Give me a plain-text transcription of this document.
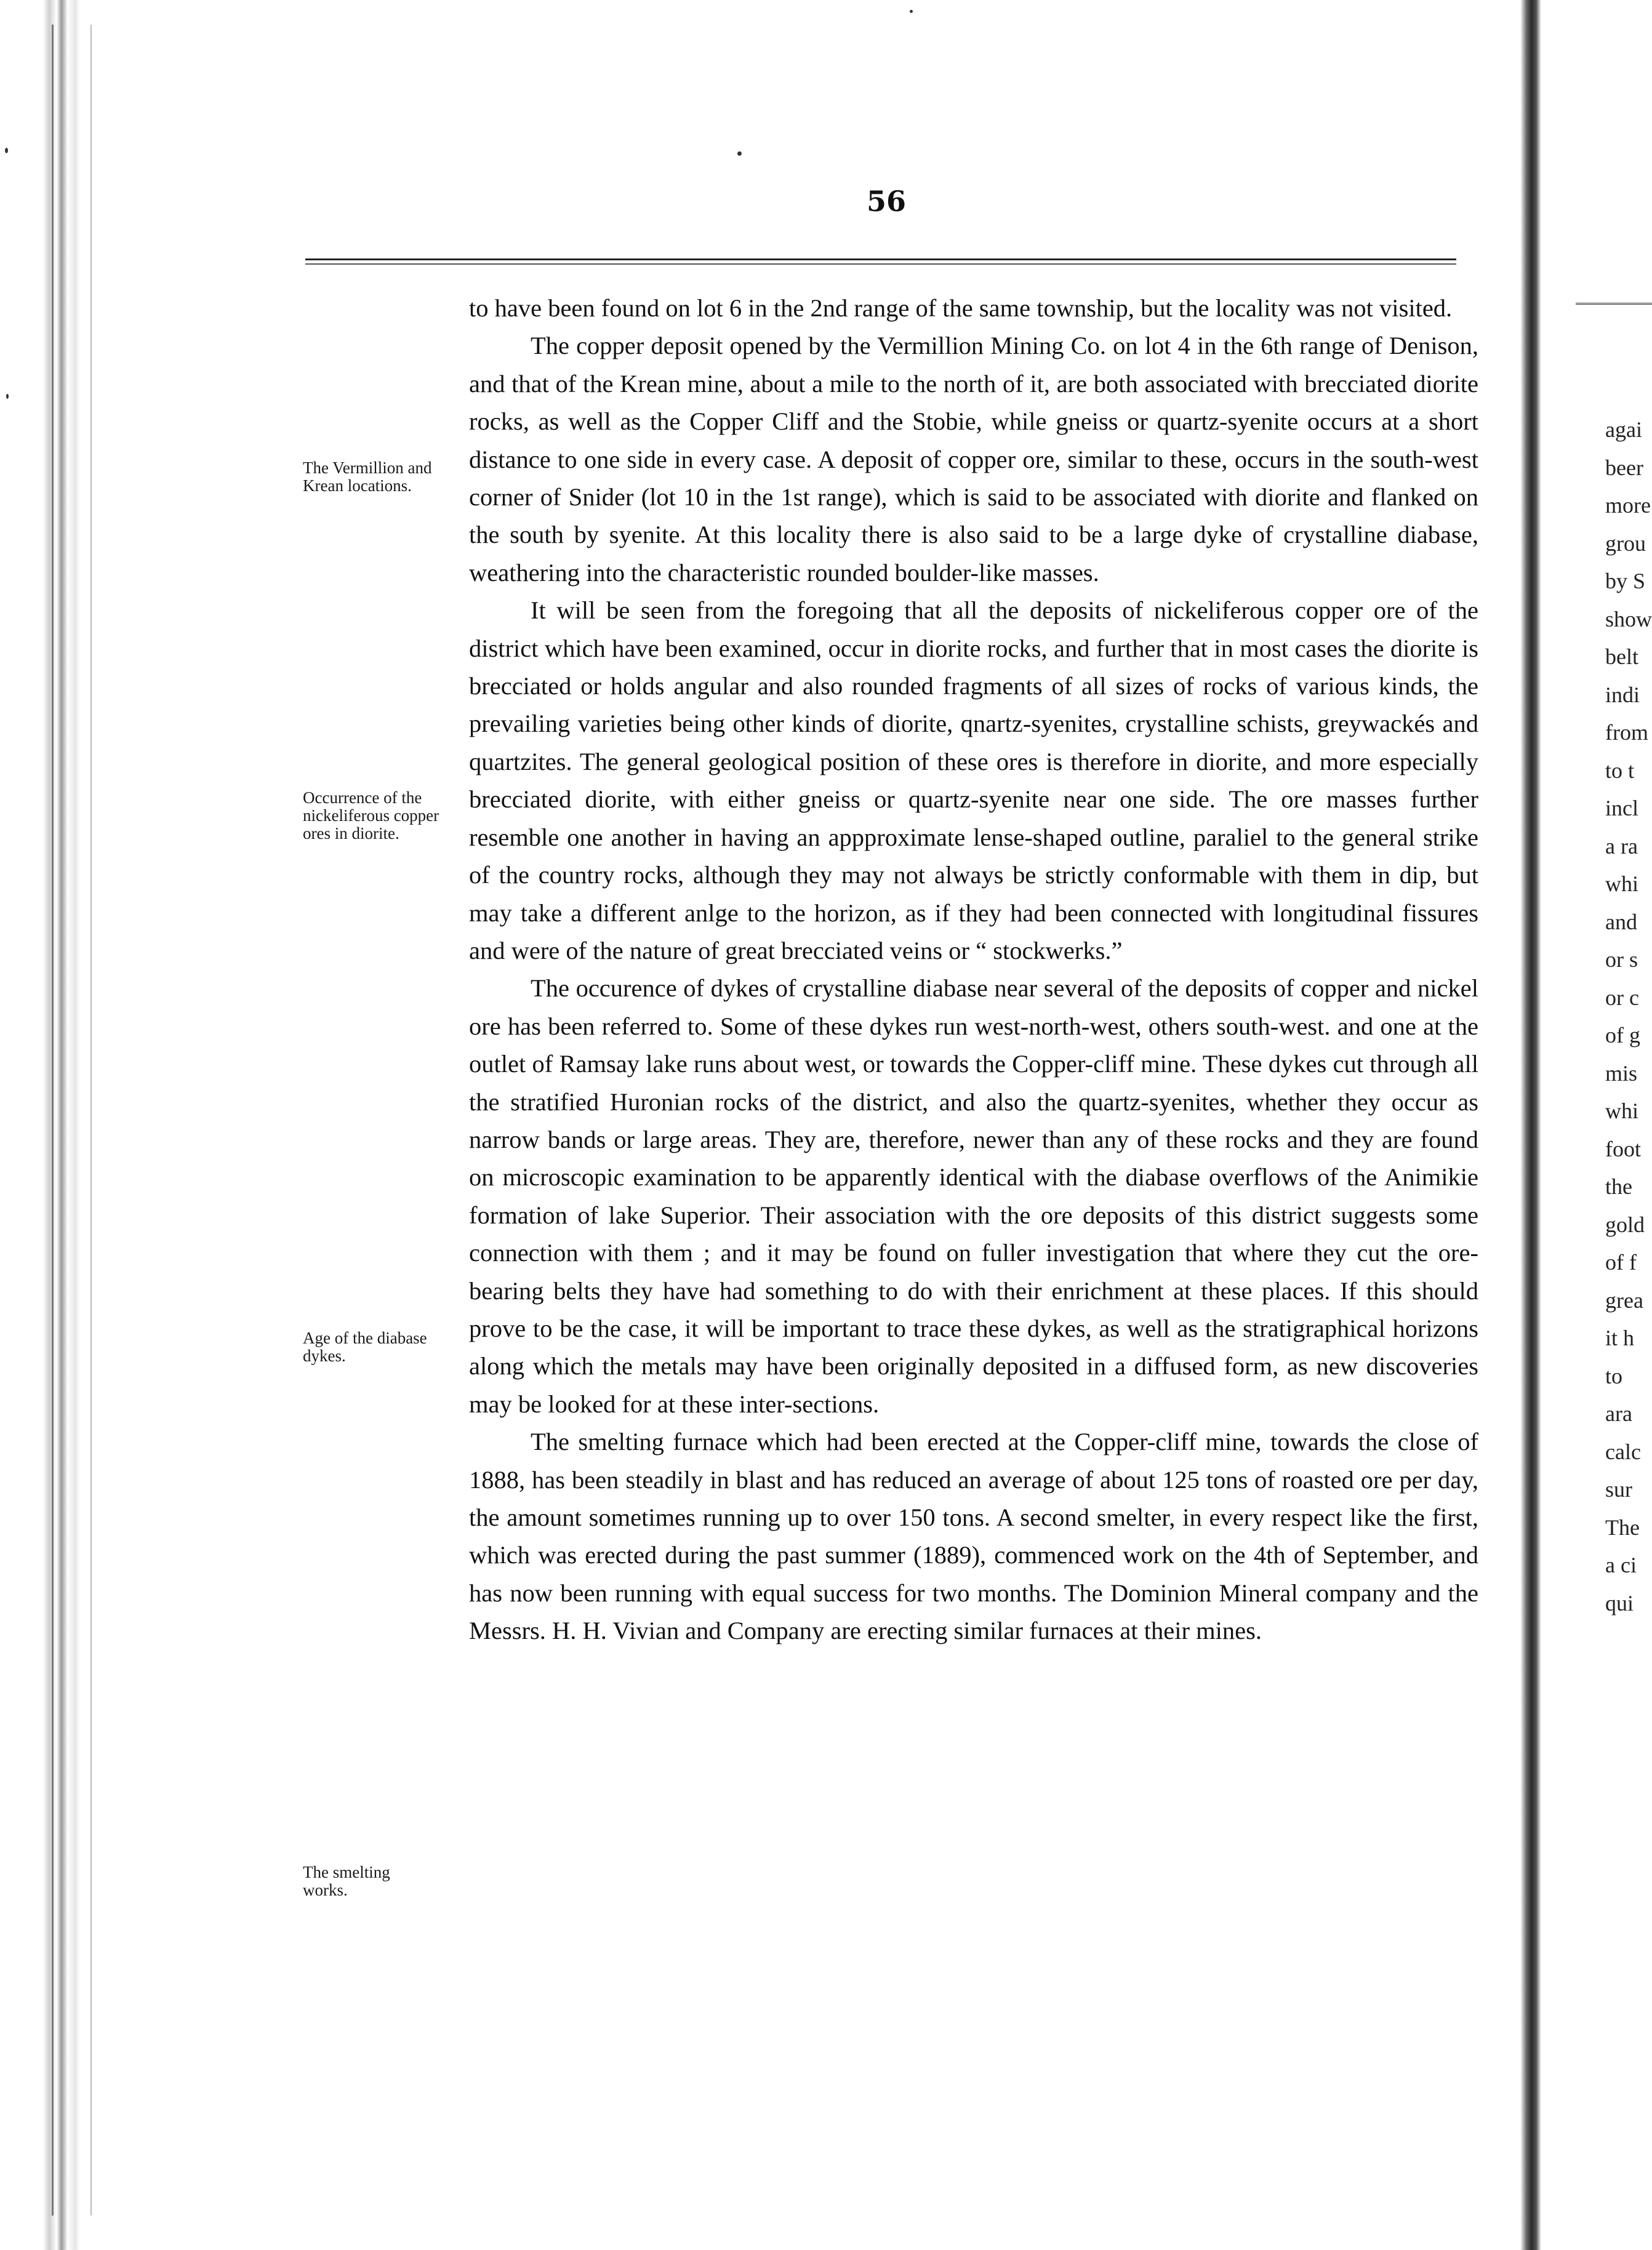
agai
beer
more
grou
by S
show
belt
indi
from
to t
incl
a ra
whi
and
or s
or c
of g
mis
whi
foot
the
gold
of f
grea
it h
to
ara
calc
sur
The
a ci
qui
56
The Vermillion and Krean locations.
Occurrence of the nickeliferous copper ores in diorite.
Age of the diabase dykes.
The smelting works.

to have been found on lot 6 in the 2nd range of the same township, but the locality was not visited.

The copper deposit opened by the Vermillion Mining Co. on lot 4 in the 6th range of Denison, and that of the Krean mine, about a mile to the north of it, are both associated with brecciated diorite rocks, as well as the Copper Cliff and the Stobie, while gneiss or quartz-syenite occurs at a short distance to one side in every case. A deposit of copper ore, similar to these, occurs in the south-west corner of Snider (lot 10 in the 1st range), which is said to be associated with diorite and flanked on the south by syenite. At this locality there is also said to be a large dyke of crystalline diabase, weathering into the characteristic rounded boulder-like masses.

It will be seen from the foregoing that all the deposits of nickeliferous copper ore of the district which have been examined, occur in diorite rocks, and further that in most cases the diorite is brecciated or holds angular and also rounded fragments of all sizes of rocks of various kinds, the prevailing varieties being other kinds of diorite, qnartz-syenites, crystalline schists, greywackés and quartzites. The general geological position of these ores is therefore in diorite, and more especially brecciated diorite, with either gneiss or quartz-syenite near one side. The ore masses further resemble one another in having an appproximate lense-shaped outline, paraliel to the general strike of the country rocks, although they may not always be strictly conformable with them in dip, but may take a different anlge to the horizon, as if they had been connected with longitudinal fissures and were of the nature of great brecciated veins or “ stockwerks.”

The occurence of dykes of crystalline diabase near several of the deposits of copper and nickel ore has been referred to. Some of these dykes run west-north-west, others south-west. and one at the outlet of Ramsay lake runs about west, or towards the Copper-cliff mine. These dykes cut through all the stratified Huronian rocks of the district, and also the quartz-syenites, whether they occur as narrow bands or large areas. They are, therefore, newer than any of these rocks and they are found on microscopic examination to be apparently identical with the diabase overflows of the Animikie formation of lake Superior. Their association with the ore deposits of this district suggests some connection with them ; and it may be found on fuller investigation that where they cut the ore-bearing belts they have had something to do with their enrichment at these places. If this should prove to be the case, it will be important to trace these dykes, as well as the stratigraphical horizons along which the metals may have been originally deposited in a diffused form, as new discoveries may be looked for at these inter-sections.

The smelting furnace which had been erected at the Copper-cliff mine, towards the close of 1888, has been steadily in blast and has reduced an average of about 125 tons of roasted ore per day, the amount sometimes running up to over 150 tons. A second smelter, in every respect like the first, which was erected during the past summer (1889), commenced work on the 4th of September, and has now been running with equal success for two months. The Dominion Mineral company and the Messrs. H. H. Vivian and Company are erecting similar furnaces at their mines.
